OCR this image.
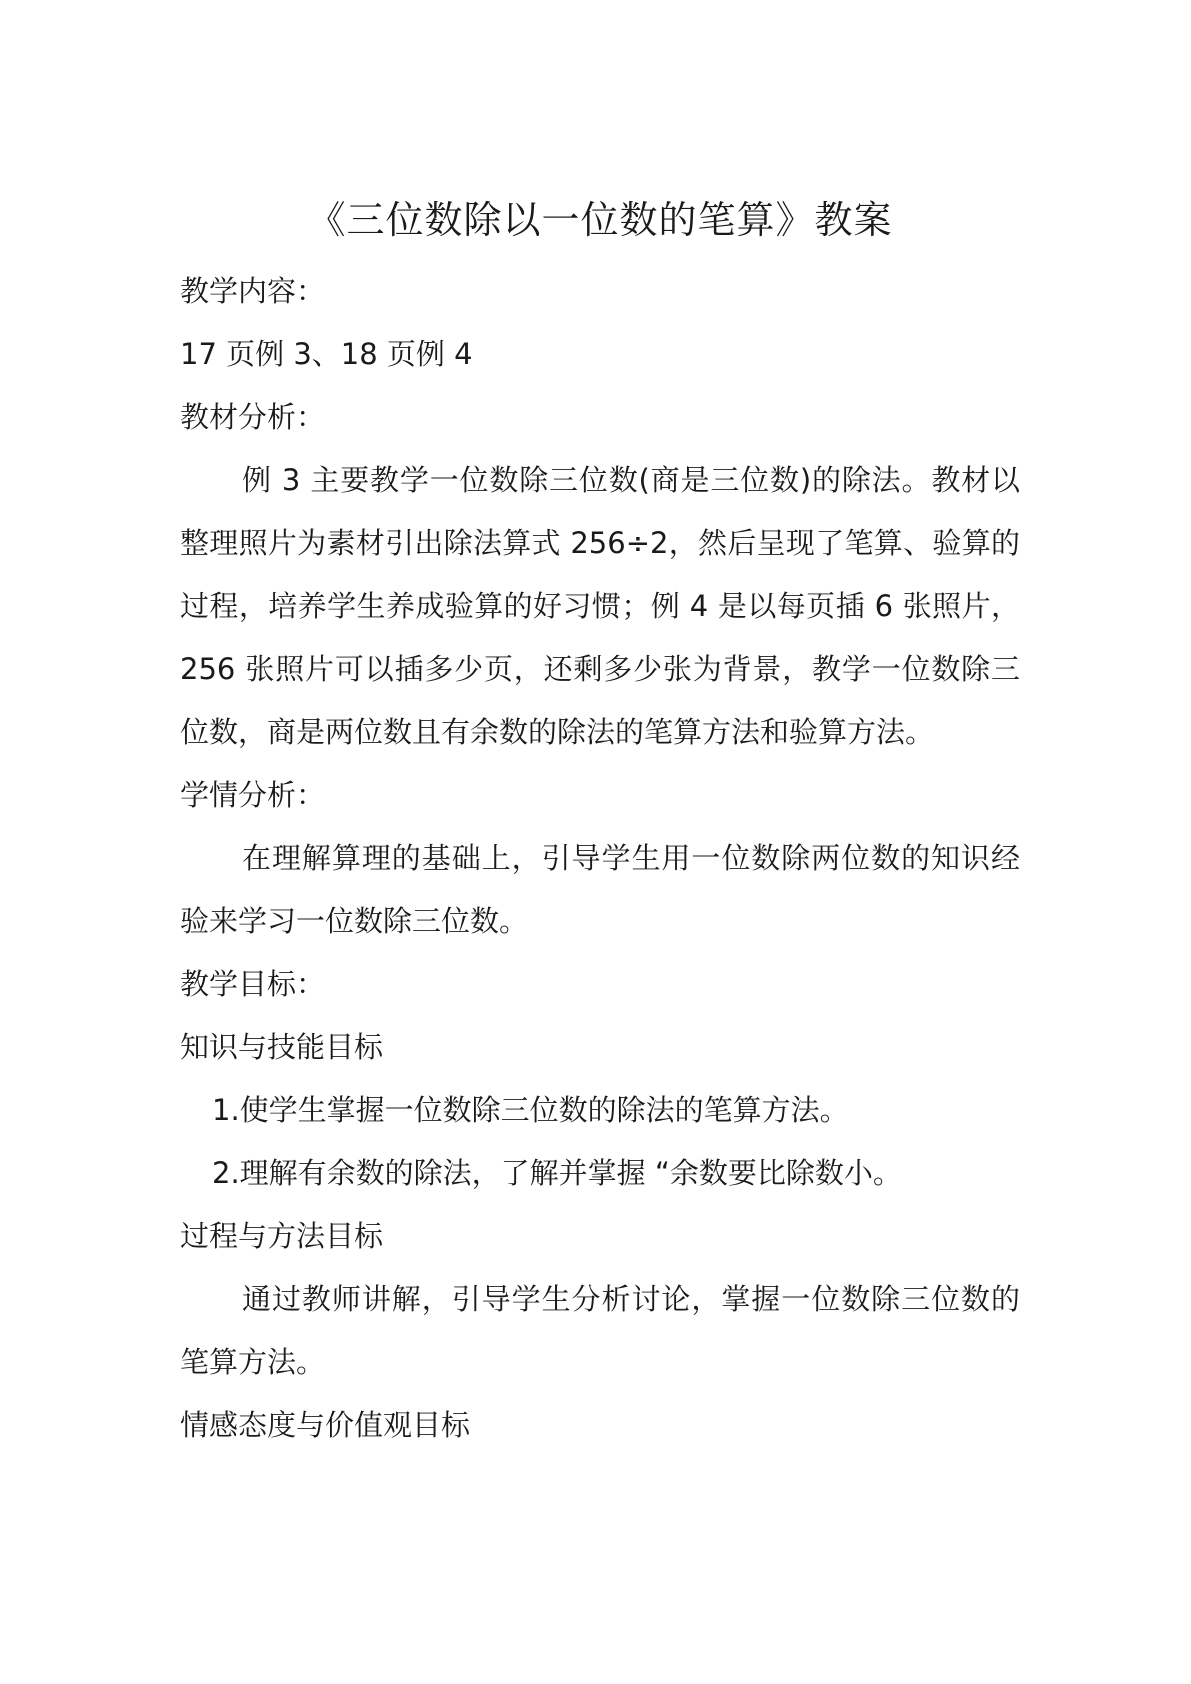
《三位数除以一位数的笔算》教案

教学内容：

17 页例 3、18 页例 4

教材分析：

例 3 主要教学一位数除三位数(商是三位数)的除法。教材以整理照片为素材引出除法算式 256÷2，然后呈现了笔算、验算的过程，培养学生养成验算的好习惯；例 4 是以每页插 6 张照片，256 张照片可以插多少页，还剩多少张为背景，教学一位数除三位数，商是两位数且有余数的除法的笔算方法和验算方法。

学情分析：

在理解算理的基础上，引导学生用一位数除两位数的知识经验来学习一位数除三位数。

教学目标：

知识与技能目标

1.使学生掌握一位数除三位数的除法的笔算方法。

2.理解有余数的除法，了解并掌握 “余数要比除数小。

过程与方法目标

通过教师讲解，引导学生分析讨论，掌握一位数除三位数的笔算方法。

情感态度与价值观目标
